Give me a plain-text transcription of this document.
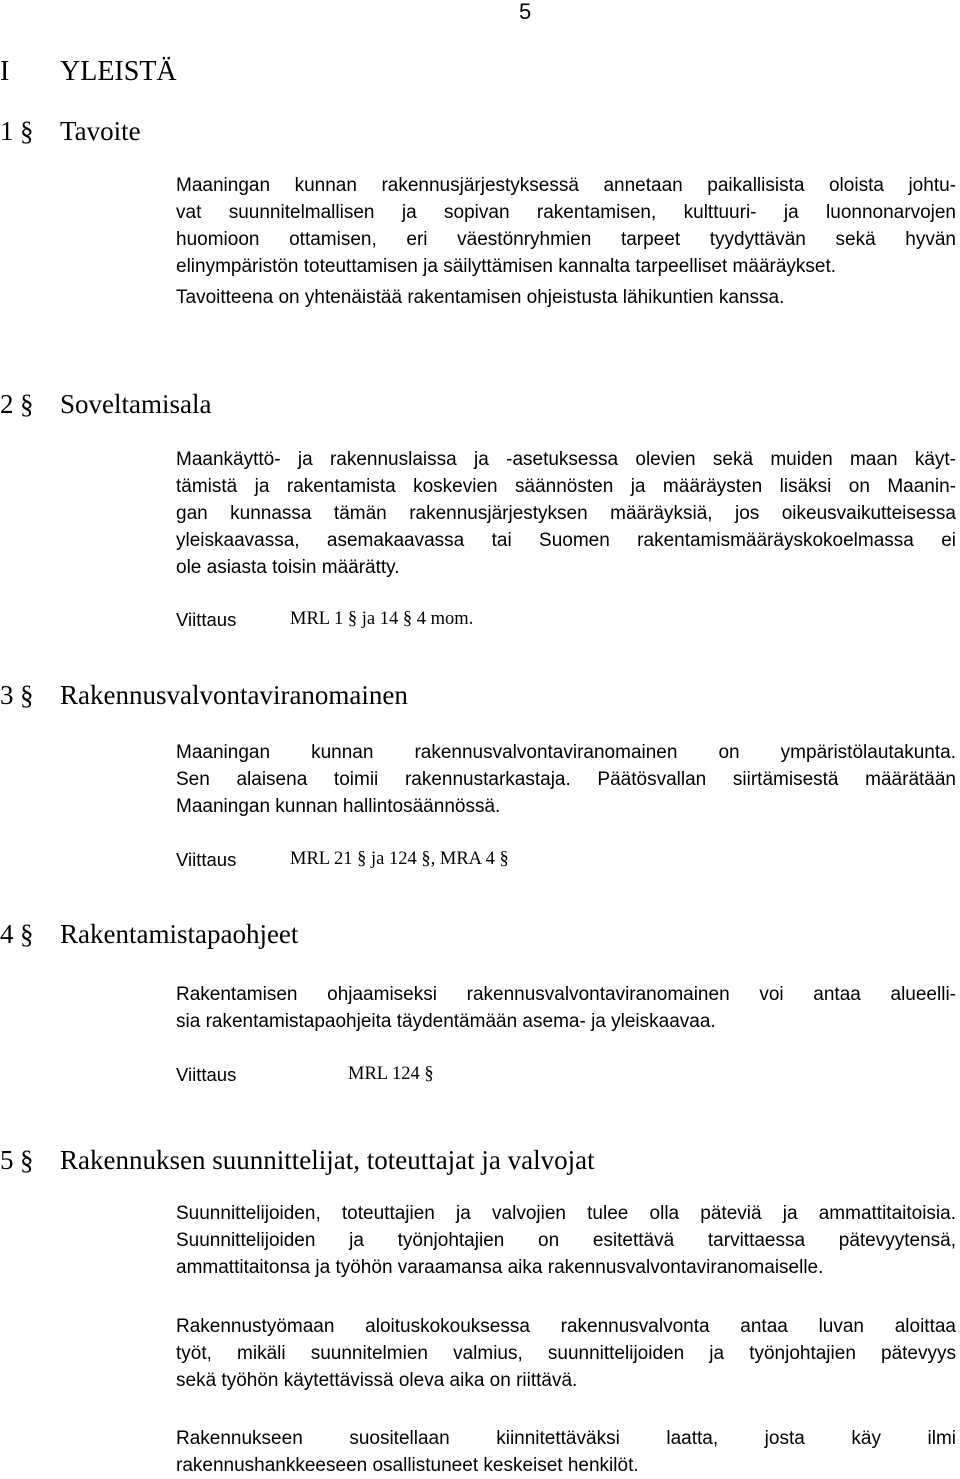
5
I YLEISTÄ
1 § Tavoite

Maaningan kunnan rakennusjärjestyksessä annetaan paikallisista oloista johtu-
vat suunnitelmallisen ja sopivan rakentamisen, kulttuuri- ja luonnonarvojen
huomioon ottamisen, eri väestönryhmien tarpeet tyydyttävän sekä hyvän
elinympäristön toteuttamisen ja säilyttämisen kannalta tarpeelliset määräykset.

Tavoitteena on yhtenäistää rakentamisen ohjeistusta lähikuntien kanssa.

2 § Soveltamisala

Maankäyttö- ja rakennuslaissa ja -asetuksessa olevien sekä muiden maan käyt-
tämistä ja rakentamista koskevien säännösten ja määräysten lisäksi on Maanin-
gan kunnassa tämän rakennusjärjestyksen määräyksiä, jos oikeusvaikutteisessa
yleiskaavassa, asemakaavassa tai Suomen rakentamismääräyskokoelmassa ei
ole asiasta toisin määrätty.

Viittaus	MRL 1 § ja 14 § 4 mom.
3 § Rakennusvalvontaviranomainen

Maaningan kunnan rakennusvalvontaviranomainen on ympäristölautakunta.
Sen alaisena toimii rakennustarkastaja. Päätösvallan siirtämisestä määrätään
Maaningan kunnan hallintosäännössä.

Viittaus	MRL 21 § ja 124 §, MRA 4 §
4 § Rakentamistapaohjeet

Rakentamisen ohjaamiseksi rakennusvalvontaviranomainen voi antaa alueelli-
sia rakentamistapaohjeita täydentämään asema- ja yleiskaavaa.

Viittaus	MRL 124 §
5 § Rakennuksen suunnittelijat, toteuttajat ja valvojat

Suunnittelijoiden, toteuttajien ja valvojien tulee olla päteviä ja ammattitaitoisia.
Suunnittelijoiden ja työnjohtajien on esitettävä tarvittaessa pätevyytensä,
ammattitaitonsa ja työhön varaamansa aika rakennusvalvontaviranomaiselle.

Rakennustyömaan aloituskokouksessa rakennusvalvonta antaa luvan aloittaa
työt, mikäli suunnitelmien valmius, suunnittelijoiden ja työnjohtajien pätevyys
sekä työhön käytettävissä oleva aika on riittävä.

Rakennukseen suositellaan kiinnitettäväksi laatta, josta käy ilmi
rakennushankkeeseen osallistuneet keskeiset henkilöt.
